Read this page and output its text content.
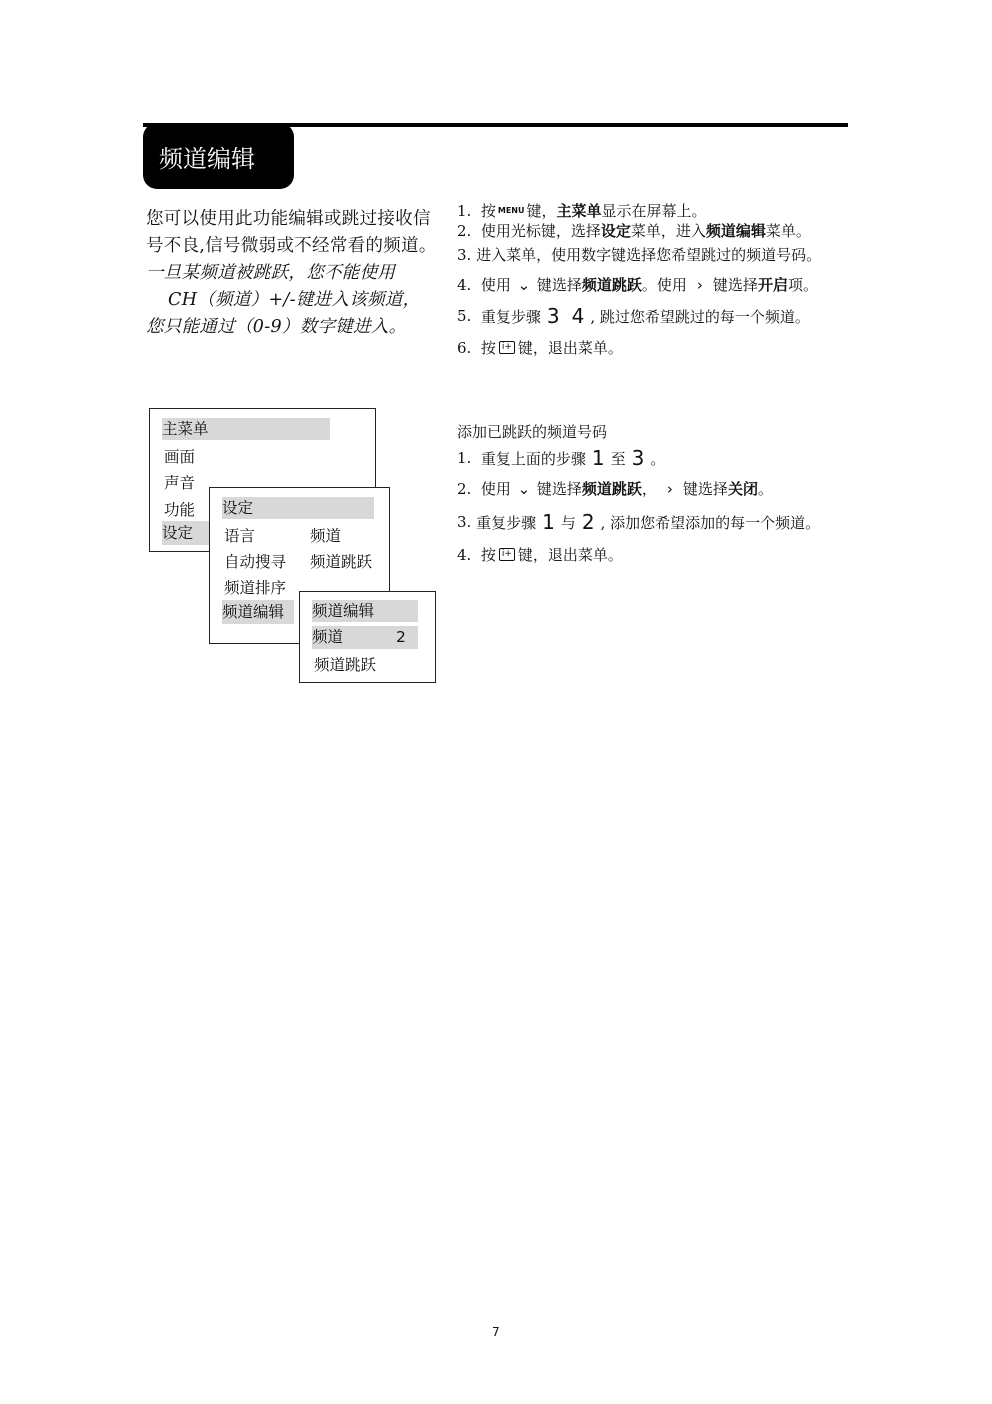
频道编辑

您可以使用此功能编辑或跳过接收信号不良,信号微弱或不经常看的频道。

一旦某频道被跳跃，您不能使用

CH（频道）+/-键进入该频道，

您只能通过（0-9）数字键进入。

1.
按 MENU 键， 主菜单 显示在屏幕上。
2.
使用光标键，选择 设定 菜单，进入 频道编辑 菜单。
3.
进入菜单，使用数字键选择您希望跳过的频道号码。
4.
使用 ⌄ 键选择 频道跳跃 。使用 › 键选择 开启 项。
5.
重复步骤 3 4 , 跳过您希望跳过的每一个频道。
6.
按 i+ 键，退出菜单。
添加已跳跃的频道号码
1.
重复上面的步骤 1 至 3 。
2.
使用 ⌄ 键选择 频道跳跃 ， › 键选择 关闭 。
3.
重复步骤 1 与 2 , 添加您希望添加的每一个频道。
4.
按 i+ 键，退出菜单。
主菜单
画面
声音
功能
设定
设定
语言	频道
自动搜寻 频道跳跃
频道排序
频道编辑	频道编辑
频道	2
频道跳跃
7
